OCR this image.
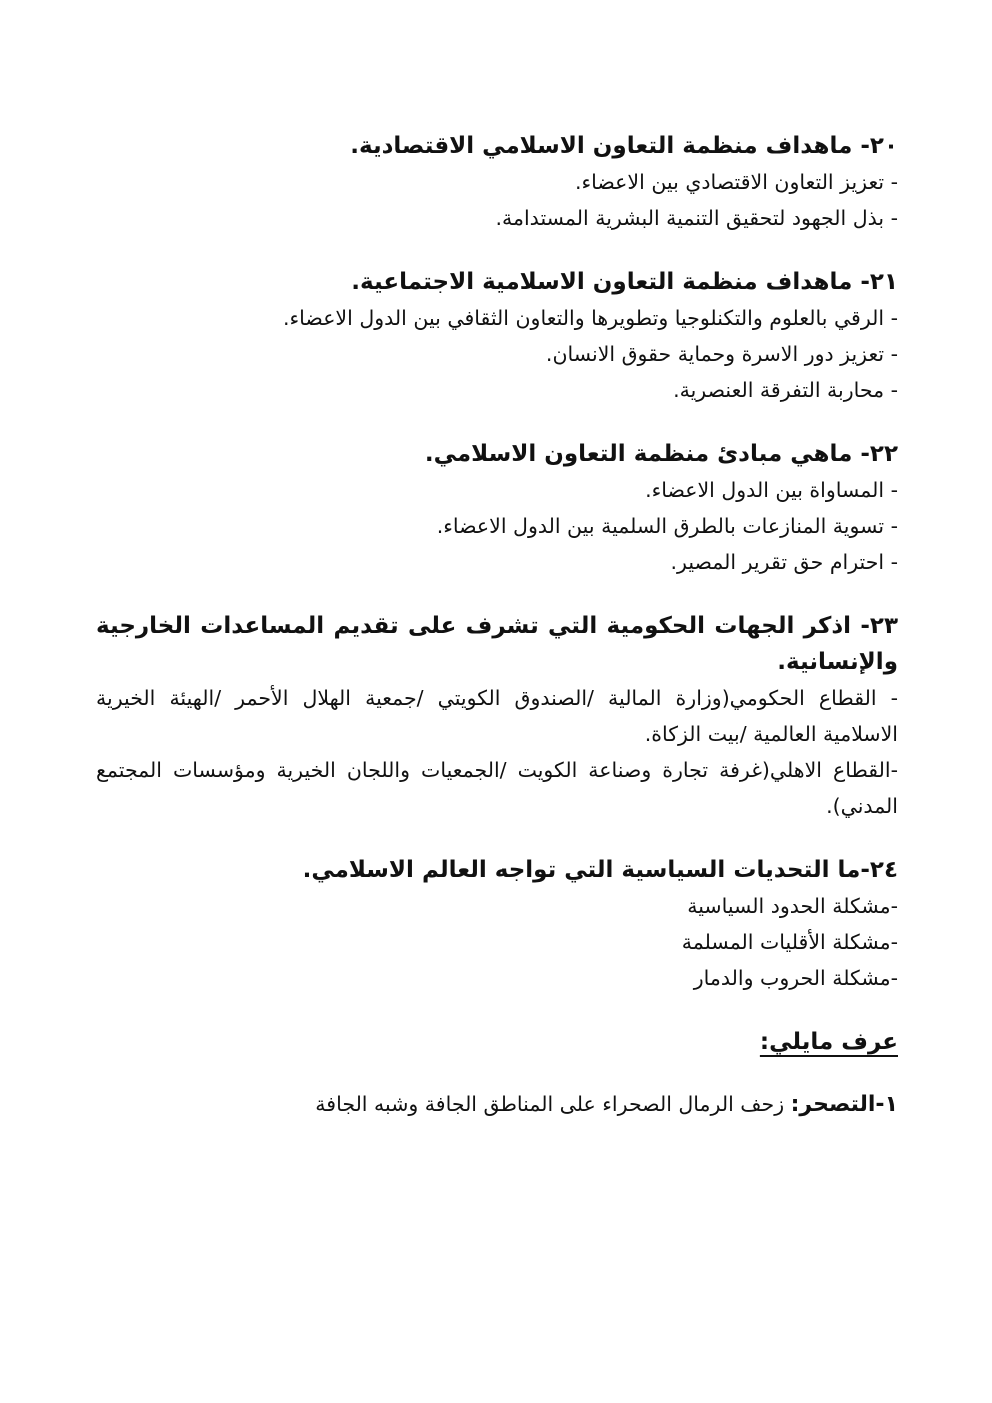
٢٠- ماهداف منظمة التعاون الاسلامي الاقتصادية.

- تعزيز التعاون الاقتصادي بين الاعضاء.

- بذل الجهود لتحقيق التنمية البشرية المستدامة.

٢١- ماهداف منظمة التعاون الاسلامية الاجتماعية.

- الرقي بالعلوم والتكنلوجيا وتطويرها والتعاون الثقافي بين الدول الاعضاء.

- تعزيز دور الاسرة وحماية حقوق الانسان.

- محاربة التفرقة العنصرية.

٢٢- ماهي مبادئ منظمة التعاون الاسلامي.

- المساواة بين الدول الاعضاء.

- تسوية المنازعات بالطرق السلمية بين الدول الاعضاء.

- احترام حق تقرير المصير.

٢٣- اذكر الجهات الحكومية التي تشرف على تقديم المساعدات الخارجية والإنسانية.

- القطاع الحكومي(وزارة المالية /الصندوق الكويتي /جمعية الهلال الأحمر /الهيئة الخيرية الاسلامية العالمية /بيت الزكاة.

-القطاع الاهلي(غرفة تجارة وصناعة الكويت /الجمعيات واللجان الخيرية ومؤسسات المجتمع المدني).

٢٤-ما التحديات السياسية التي تواجه العالم الاسلامي.

-مشكلة الحدود السياسية

-مشكلة الأقليات المسلمة

-مشكلة الحروب والدمار

عرف مايلي:

١-التصحر: زحف الرمال الصحراء على المناطق الجافة وشبه الجافة
